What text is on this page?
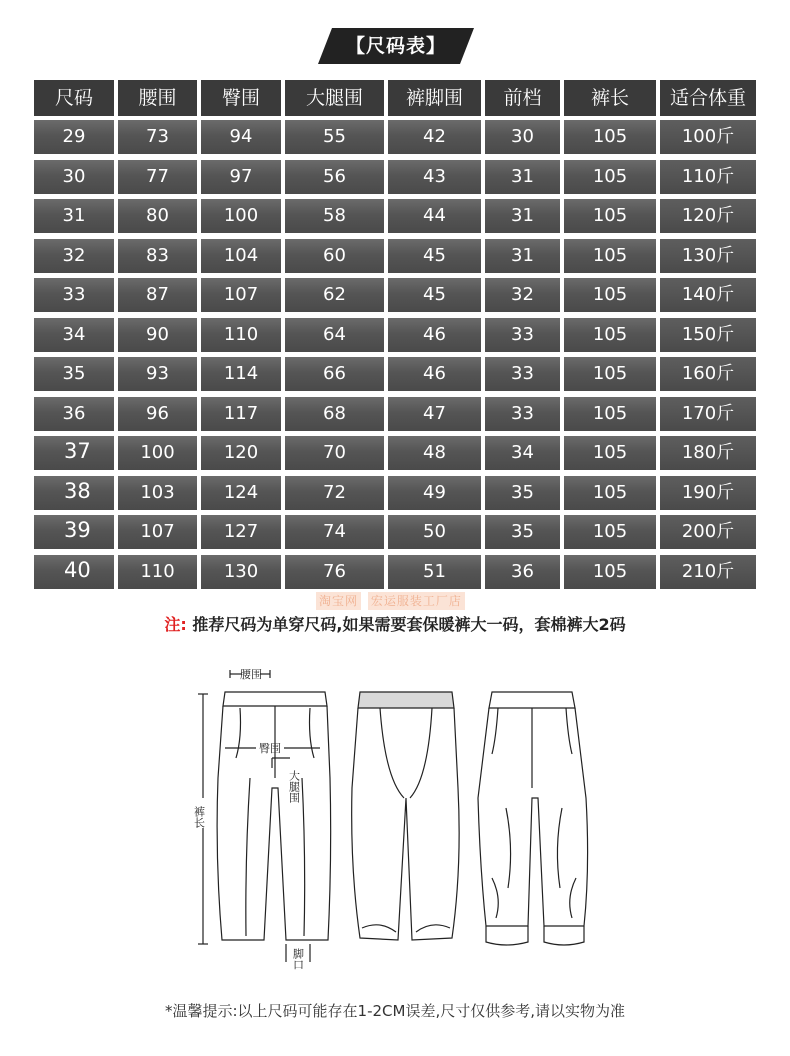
【尺码表】
尺码	腰围	臀围	大腿围	裤脚围	前档	裤长	适合体重
29	73	94	55	42	30	105	100斤
30	77	97	56	43	31	105	110斤
31	80	100	58	44	31	105	120斤
32	83	104	60	45	31	105	130斤
33	87	107	62	45	32	105	140斤
34	90	110	64	46	33	105	150斤
35	93	114	66	46	33	105	160斤
36	96	117	68	47	33	105	170斤
37	100	120	70	48	34	105	180斤
38	103	124	72	49	35	105	190斤
39	107	127	74	50	35	105	200斤
40	110	130	76	51	36	105	210斤
淘宝网 宏运服装工厂店
注: 推荐尺码为单穿尺码,如果需要套保暖裤大一码，套棉裤大2码
腰围
臀围
大腿围
裤长
脚口
*温馨提示:以上尺码可能存在1-2CM误差,尺寸仅供参考,请以实物为准
